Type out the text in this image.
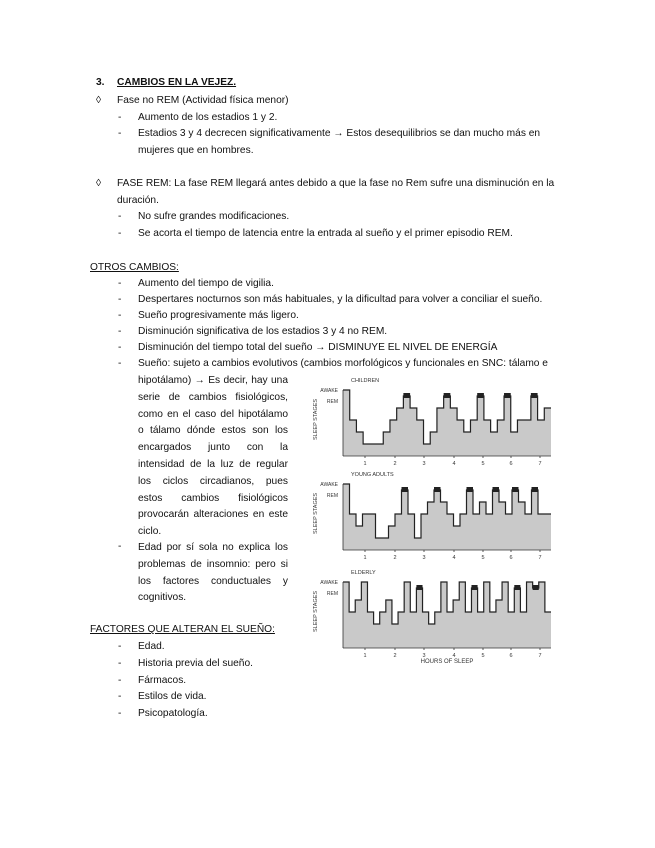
3. CAMBIOS EN LA VEJEZ.
◊ Fase no REM (Actividad física menor)
- Aumento de los estadios 1 y 2.
- Estadios 3 y 4 decrecen significativamente → Estos desequilibrios se dan mucho más en
mujeres que en hombres.
◊ FASE REM: La fase REM llegará antes debido a que la fase no Rem sufre una disminución en la
duración.
- No sufre grandes modificaciones.
- Se acorta el tiempo de latencia entre la entrada al sueño y el primer episodio REM.
OTROS CAMBIOS:
- Aumento del tiempo de vigilia.
- Despertares nocturnos son más habituales, y la dificultad para volver a conciliar el sueño.
- Sueño progresivamente más ligero.
- Disminución significativa de los estadios 3 y 4 no REM.
- Disminución del tiempo total del sueño → DISMINUYE EL NIVEL DE ENERGÍA
- Sueño: sujeto a cambios evolutivos (cambios morfológicos y funcionales en SNC: tálamo e
hipotálamo) → Es decir, hay una serie de cambios fisiológicos, como en el caso del hipotálamo o tálamo dónde estos son los encargados junto con la intensidad de la luz de regular los ciclos circadianos, pues estos cambios fisiológicos provocarán alteraciones en este ciclo.
- Edad por sí sola no explica los problemas de insomnio: pero si los factores conductuales y cognitivos.
FACTORES QUE ALTERAN EL SUEÑO:
- Edad.
- Historia previa del sueño.
- Fármacos.
- Estilos de vida.
- Psicopatología.
CHILDREN
AWAKE
REM
SLEEP STAGES
1	2	3	4	5	6	7
YOUNG ADULTS
AWAKE
REM
SLEEP STAGES
1	2	3	4	5	6	7
ELDERLY
AWAKE
REM
SLEEP STAGES
1	2	3	4	5	6	7
HOURS OF SLEEP
